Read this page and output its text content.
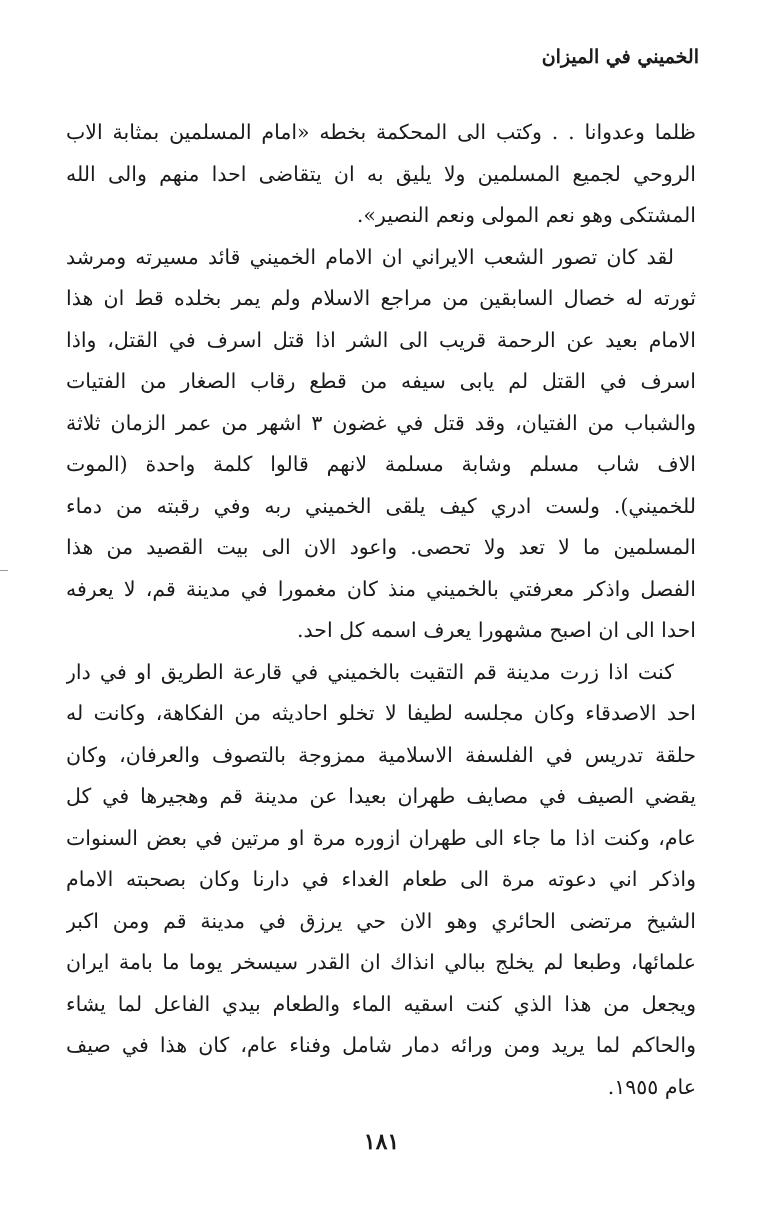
الخميني في الميزان
ظلما وعدوانا . . وكتب الى المحكمة بخطه «امام المسلمين بمثابة الاب
الروحي لجميع المسلمين ولا يليق به ان يتقاضى احدا منهم والى الله
المشتكى وهو نعم المولى ونعم النصير».
لقد كان تصور الشعب الايراني ان الامام الخميني قائد مسيرته ومرشد
ثورته له خصال السابقين من مراجع الاسلام ولم يمر بخلده قط ان هذا
الامام بعيد عن الرحمة قريب الى الشر اذا قتل اسرف في القتل، واذا
اسرف في القتل لم يابى سيفه من قطع رقاب الصغار من الفتيات
والشباب من الفتيان، وقد قتل في غضون ٣ اشهر من عمر الزمان ثلاثة
الاف شاب مسلم وشابة مسلمة لانهم قالوا كلمة واحدة (الموت
للخميني). ولست ادري كيف يلقى الخميني ربه وفي رقبته من دماء
المسلمين ما لا تعد ولا تحصى. واعود الان الى بيت القصيد من هذا
الفصل واذكر معرفتي بالخميني منذ كان مغمورا في مدينة قم، لا يعرفه
احدا الى ان اصبح مشهورا يعرف اسمه كل احد.
كنت اذا زرت مدينة قم التقيت بالخميني في قارعة الطريق او في دار
احد الاصدقاء وكان مجلسه لطيفا لا تخلو احاديثه من الفكاهة، وكانت له
حلقة تدريس في الفلسفة الاسلامية ممزوجة بالتصوف والعرفان، وكان
يقضي الصيف في مصايف طهران بعيدا عن مدينة قم وهجيرها في كل
عام، وكنت اذا ما جاء الى طهران ازوره مرة او مرتين في بعض السنوات
واذكر اني دعوته مرة الى طعام الغداء في دارنا وكان بصحبته الامام
الشيخ مرتضى الحائري وهو الان حي يرزق في مدينة قم ومن اكبر
علمائها، وطبعا لم يخلج ببالي انذاك ان القدر سيسخر يوما ما بامة ايران
ويجعل من هذا الذي كنت اسقيه الماء والطعام بيدي الفاعل لما يشاء
والحاكم لما يريد ومن ورائه دمار شامل وفناء عام، كان هذا في صيف
عام ١٩٥٥.
١٨١
